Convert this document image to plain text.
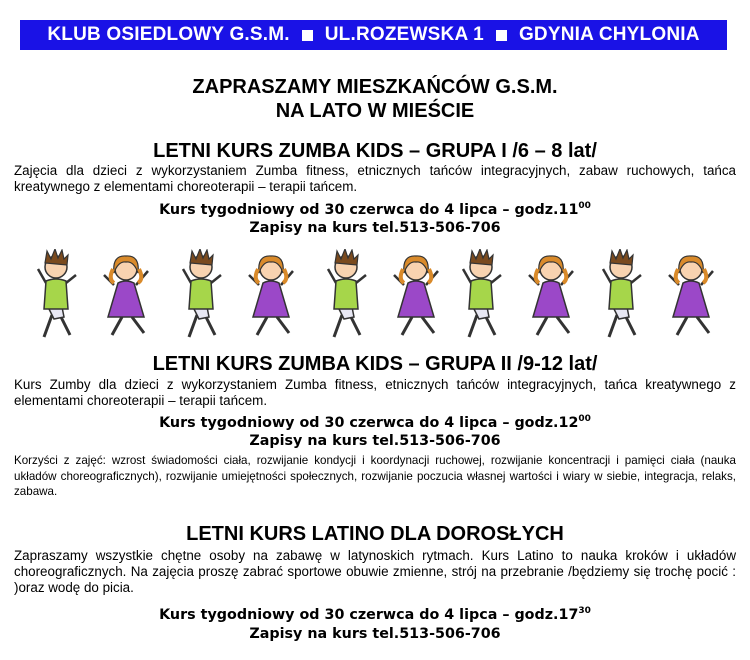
KLUB OSIEDLOWY G.S.M. UL.ROZEWSKA 1 GDYNIA CHYLONIA
ZAPRASZAMY MIESZKAŃCÓW G.S.M.
NA LATO W MIEŚCIE
LETNI KURS ZUMBA KIDS – GRUPA I /6 – 8 lat/
Zajęcia dla dzieci z wykorzystaniem Zumba fitness, etnicznych tańców integracyjnych, zabaw ruchowych, tańca kreatywnego z elementami choreoterapii – terapii tańcem.
Kurs tygodniowy od 30 czerwca do 4 lipca – $godz.11^{00}$
Zapisy na kurs tel.513-506-706
LETNI KURS ZUMBA KIDS – GRUPA II /9-12 lat/
Kurs Zumby dla dzieci z wykorzystaniem Zumba fitness, etnicznych tańców integracyjnych, tańca kreatywnego z elementami choreoterapii – terapii tańcem.
Kurs tygodniowy od 30 czerwca do 4 lipca – $godz.12^{00}$
Zapisy na kurs tel.513-506-706
Korzyści z zajęć: wzrost świadomości ciała, rozwijanie kondycji i koordynacji ruchowej, rozwijanie koncentracji i pamięci ciała (nauka układów choreograficznych), rozwijanie umiejętności społecznych, rozwijanie poczucia własnej wartości i wiary w siebie, integracja, relaks, zabawa.
LETNI KURS LATINO DLA DOROSŁYCH
Zapraszamy wszystkie chętne osoby na zabawę w latynoskich rytmach. Kurs Latino to nauka kroków i układów choreograficznych. Na zajęcia proszę zabrać sportowe obuwie zmienne, strój na przebranie /będziemy się trochę pocić : )oraz wodę do picia.
Kurs tygodniowy od 30 czerwca do 4 lipca – $godz.17^{30}$
Zapisy na kurs tel.513-506-706
